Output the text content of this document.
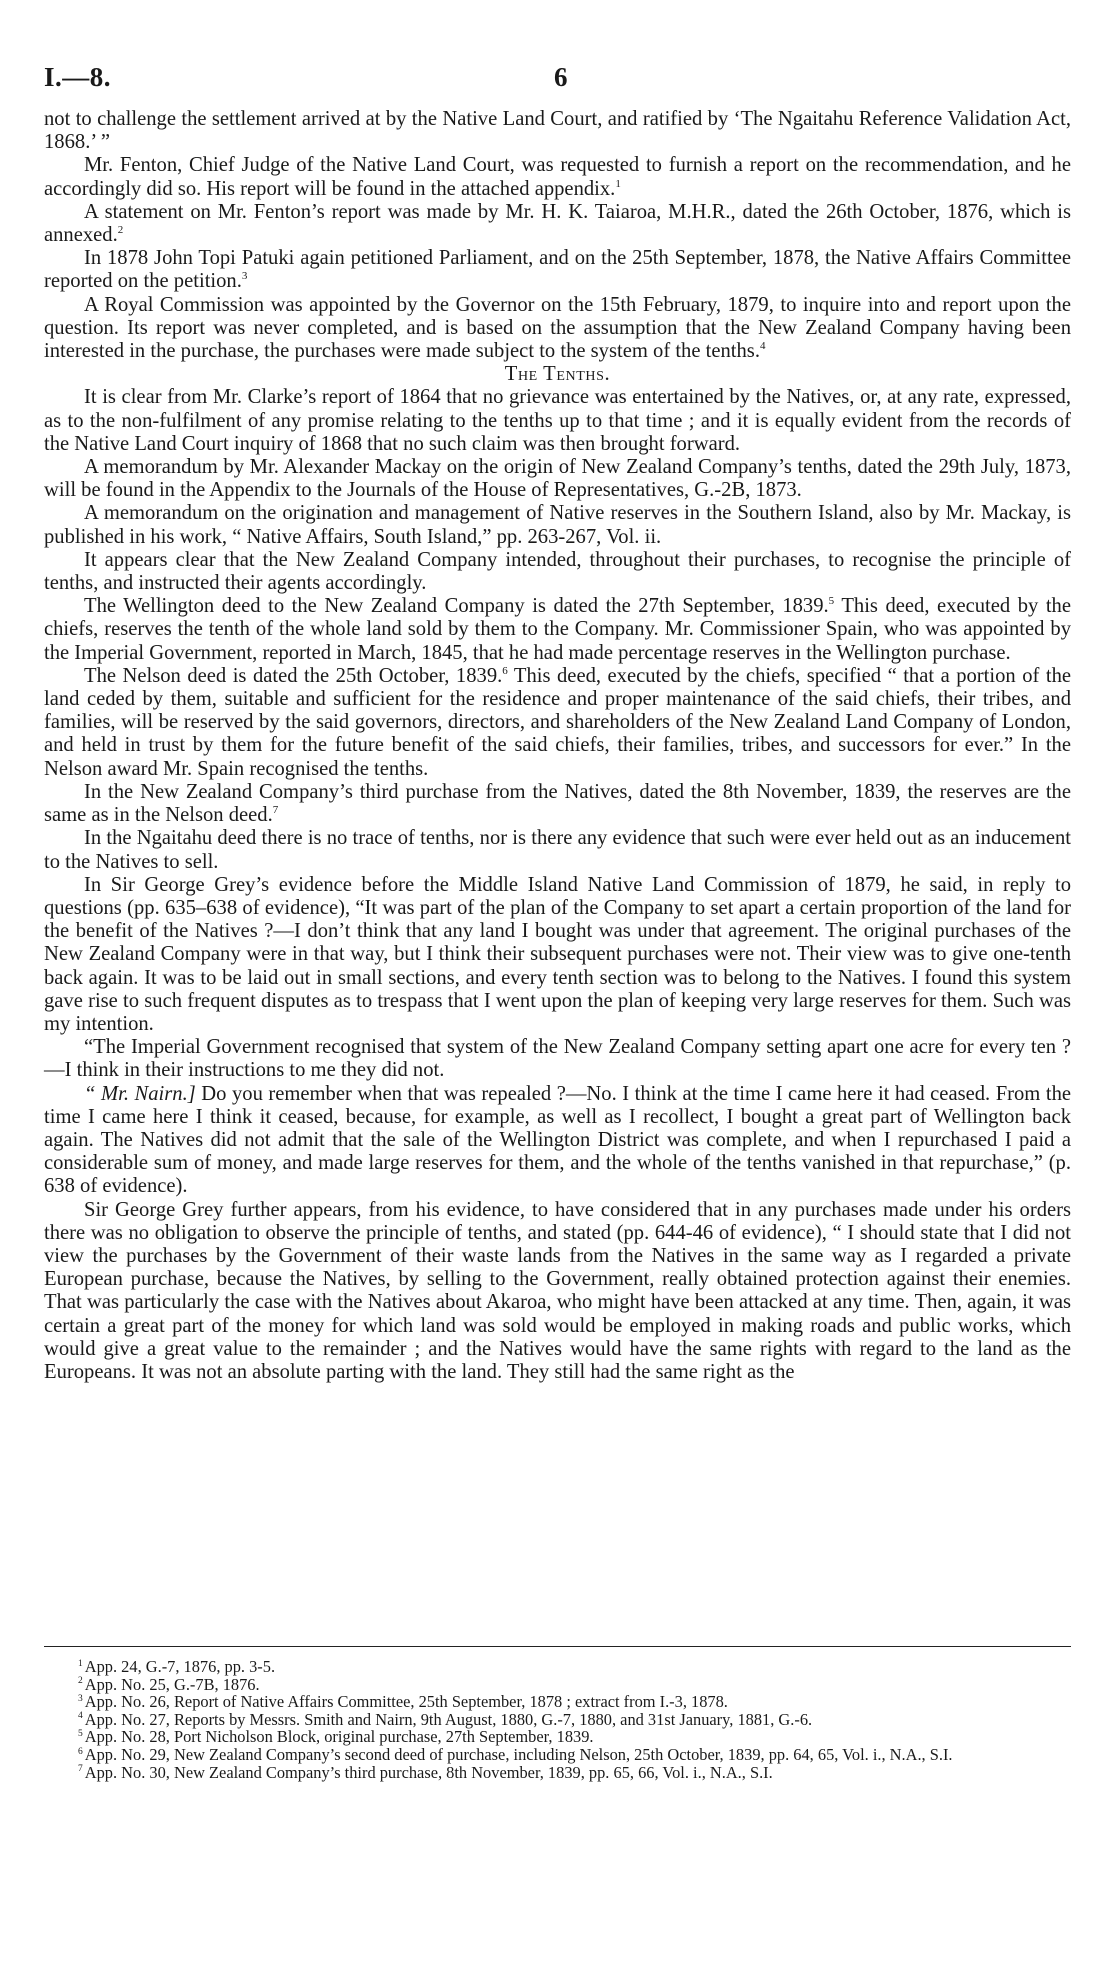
I.—8.	6

not to challenge the settlement arrived at by the Native Land Court, and ratified by ‘The Ngaitahu Reference Validation Act, 1868.’ ”

Mr. Fenton, Chief Judge of the Native Land Court, was requested to furnish a report on the recommendation, and he accordingly did so. His report will be found in the attached appendix.$^1$

A statement on Mr. Fenton’s report was made by Mr. H. K. Taiaroa, M.H.R., dated the 26th October, 1876, which is annexed.$^2$

In 1878 John Topi Patuki again petitioned Parliament, and on the 25th September, 1878, the Native Affairs Committee reported on the petition.$^3$

A Royal Commission was appointed by the Governor on the 15th February, 1879, to inquire into and report upon the question. Its report was never completed, and is based on the assumption that the New Zealand Company having been interested in the purchase, the purchases were made subject to the system of the tenths.$^4$

The Tenths.

It is clear from Mr. Clarke’s report of 1864 that no grievance was entertained by the Natives, or, at any rate, expressed, as to the non-fulfilment of any promise relating to the tenths up to that time ; and it is equally evident from the records of the Native Land Court inquiry of 1868 that no such claim was then brought forward.

A memorandum by Mr. Alexander Mackay on the origin of New Zealand Company’s tenths, dated the 29th July, 1873, will be found in the Appendix to the Journals of the House of Representatives, G.-2B, 1873.

A memorandum on the origination and management of Native reserves in the Southern Island, also by Mr. Mackay, is published in his work, “ Native Affairs, South Island,” pp. 263-267, Vol. ii.

It appears clear that the New Zealand Company intended, throughout their purchases, to recognise the principle of tenths, and instructed their agents accordingly.

The Wellington deed to the New Zealand Company is dated the 27th September, 1839.$^5$ This deed, executed by the chiefs, reserves the tenth of the whole land sold by them to the Company. Mr. Commissioner Spain, who was appointed by the Imperial Government, reported in March, 1845, that he had made percentage reserves in the Wellington purchase.

The Nelson deed is dated the 25th October, 1839.$^6$ This deed, executed by the chiefs, specified “ that a portion of the land ceded by them, suitable and sufficient for the residence and proper maintenance of the said chiefs, their tribes, and families, will be reserved by the said governors, directors, and shareholders of the New Zealand Land Company of London, and held in trust by them for the future benefit of the said chiefs, their families, tribes, and successors for ever.” In the Nelson award Mr. Spain recognised the tenths.

In the New Zealand Company’s third purchase from the Natives, dated the 8th November, 1839, the reserves are the same as in the Nelson deed.$^7$

In the Ngaitahu deed there is no trace of tenths, nor is there any evidence that such were ever held out as an inducement to the Natives to sell.

In Sir George Grey’s evidence before the Middle Island Native Land Commission of 1879, he said, in reply to questions (pp. 635–638 of evidence), “It was part of the plan of the Company to set apart a certain proportion of the land for the benefit of the Natives ?—I don’t think that any land I bought was under that agreement. The original purchases of the New Zealand Company were in that way, but I think their subsequent purchases were not. Their view was to give one-tenth back again. It was to be laid out in small sections, and every tenth section was to belong to the Natives. I found this system gave rise to such frequent disputes as to trespass that I went upon the plan of keeping very large reserves for them. Such was my intention.

“The Imperial Government recognised that system of the New Zealand Company setting apart one acre for every ten ?—I think in their instructions to me they did not.

“ Mr. Nairn.] Do you remember when that was repealed ?—No. I think at the time I came here it had ceased. From the time I came here I think it ceased, because, for example, as well as I recollect, I bought a great part of Wellington back again. The Natives did not admit that the sale of the Wellington District was complete, and when I repurchased I paid a considerable sum of money, and made large reserves for them, and the whole of the tenths vanished in that repurchase,” (p. 638 of evidence).

Sir George Grey further appears, from his evidence, to have considered that in any purchases made under his orders there was no obligation to observe the principle of tenths, and stated (pp. 644-46 of evidence), “ I should state that I did not view the purchases by the Government of their waste lands from the Natives in the same way as I regarded a private European purchase, because the Natives, by selling to the Government, really obtained protection against their enemies. That was particularly the case with the Natives about Akaroa, who might have been attacked at any time. Then, again, it was certain a great part of the money for which land was sold would be employed in making roads and public works, which would give a great value to the remainder ; and the Natives would have the same rights with regard to the land as the Europeans. It was not an absolute parting with the land. They still had the same right as the

$^1$ App. 24, G.-7, 1876, pp. 3-5.

$^2$ App. No. 25, G.-7B, 1876.

$^3$ App. No. 26, Report of Native Affairs Committee, 25th September, 1878 ; extract from I.-3, 1878.

$^4$ App. No. 27, Reports by Messrs. Smith and Nairn, 9th August, 1880, G.-7, 1880, and 31st January, 1881, G.-6.

$^5$ App. No. 28, Port Nicholson Block, original purchase, 27th September, 1839.

$^6$ App. No. 29, New Zealand Company’s second deed of purchase, including Nelson, 25th October, 1839, pp. 64, 65, Vol. i., N.A., S.I.

$^7$ App. No. 30, New Zealand Company’s third purchase, 8th November, 1839, pp. 65, 66, Vol. i., N.A., S.I.
